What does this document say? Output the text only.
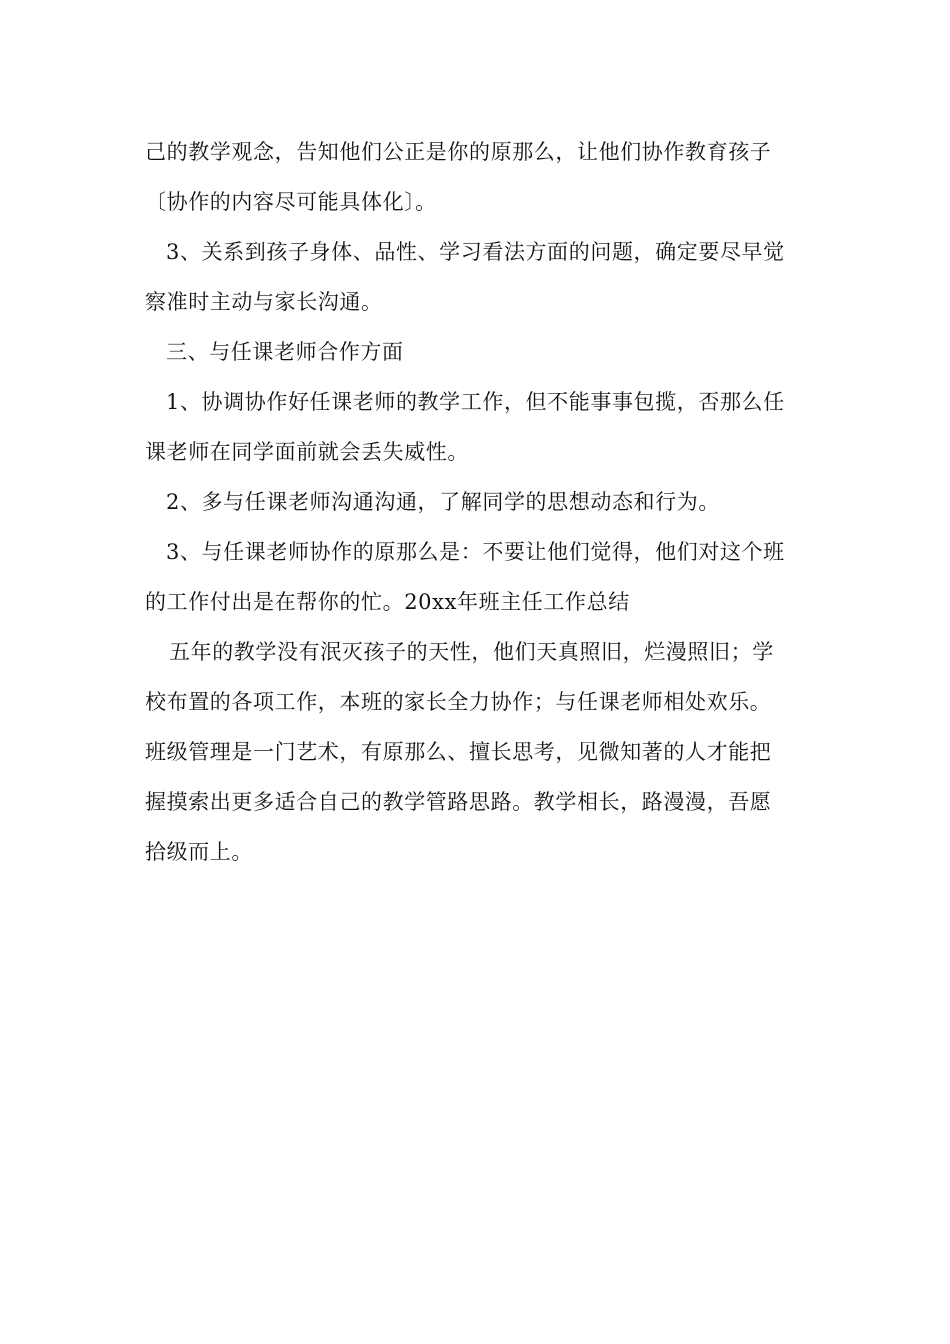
己的教学观念，告知他们公正是你的原那么，让他们协作教育孩子
〔协作的内容尽可能具体化〕。
3、关系到孩子身体、品性、学习看法方面的问题，确定要尽早觉
察准时主动与家长沟通。
三、与任课老师合作方面
1、协调协作好任课老师的教学工作，但不能事事包揽，否那么任
课老师在同学面前就会丢失威性。
2、多与任课老师沟通沟通，了解同学的思想动态和行为。
3、与任课老师协作的原那么是：不要让他们觉得，他们对这个班
的工作付出是在帮你的忙。20xx年班主任工作总结
五年的教学没有泯灭孩子的天性，他们天真照旧，烂漫照旧；学
校布置的各项工作，本班的家长全力协作；与任课老师相处欢乐。
班级管理是一门艺术，有原那么、擅长思考，见微知著的人才能把
握摸索出更多适合自己的教学管路思路。教学相长，路漫漫，吾愿
拾级而上。
